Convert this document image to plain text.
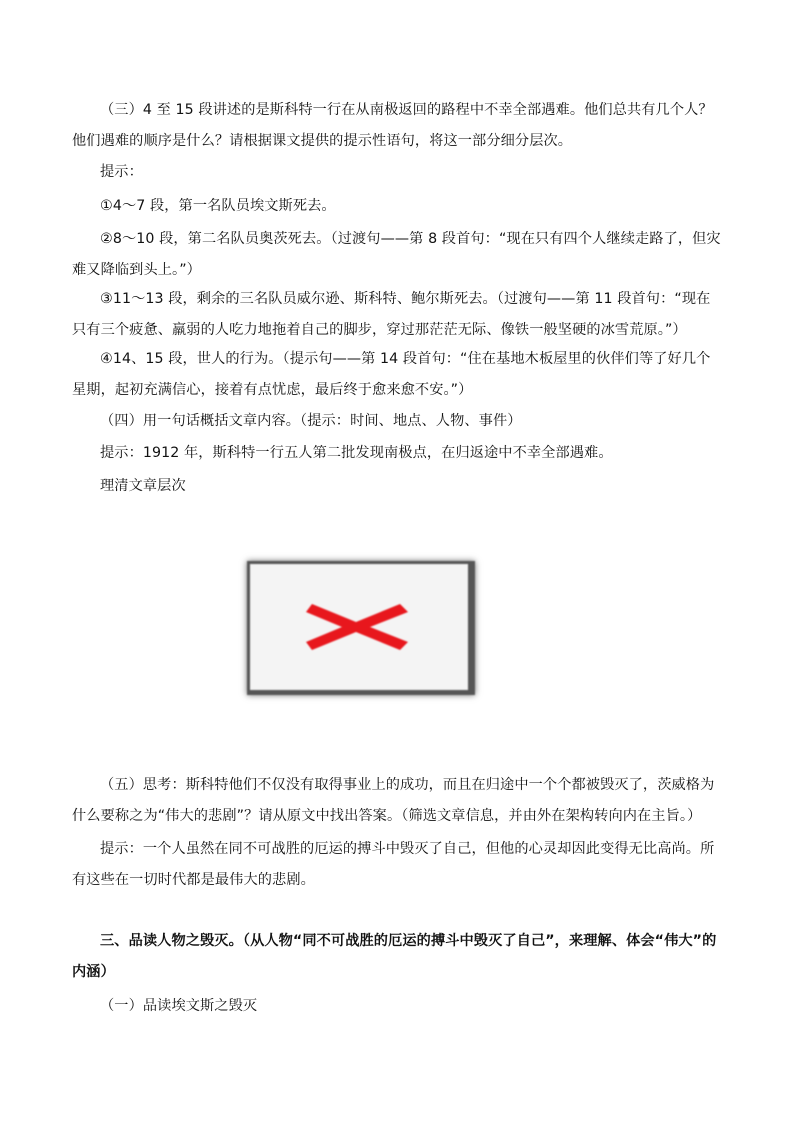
（三）4 至 15 段讲述的是斯科特一行在从南极返回的路程中不幸全部遇难。他们总共有几个人？他们遇难的顺序是什么？请根据课文提供的提示性语句，将这一部分细分层次。
提示：
①4～7 段，第一名队员埃文斯死去。
②8～10 段，第二名队员奥茨死去。（过渡句——第 8 段首句：“现在只有四个人继续走路了，但灾难又降临到头上。”）
③11～13 段，剩余的三名队员威尔逊、斯科特、鲍尔斯死去。（过渡句——第 11 段首句：“现在只有三个疲惫、羸弱的人吃力地拖着自己的脚步，穿过那茫茫无际、像铁一般坚硬的冰雪荒原。”）
④14、15 段，世人的行为。（提示句——第 14 段首句：“住在基地木板屋里的伙伴们等了好几个星期，起初充满信心，接着有点忧虑，最后终于愈来愈不安。”）
（四）用一句话概括文章内容。（提示：时间、地点、人物、事件）
提示：1912 年，斯科特一行五人第二批发现南极点，在归返途中不幸全部遇难。
理清文章层次
（五）思考：斯科特他们不仅没有取得事业上的成功，而且在归途中一个个都被毁灭了，茨威格为什么要称之为“伟大的悲剧”？请从原文中找出答案。（筛选文章信息，并由外在架构转向内在主旨。）
提示：一个人虽然在同不可战胜的厄运的搏斗中毁灭了自己，但他的心灵却因此变得无比高尚。所有这些在一切时代都是最伟大的悲剧。
三、品读人物之毁灭。（从人物“同不可战胜的厄运的搏斗中毁灭了自己”，来理解、体会“伟大”的内涵）
（一）品读埃文斯之毁灭
